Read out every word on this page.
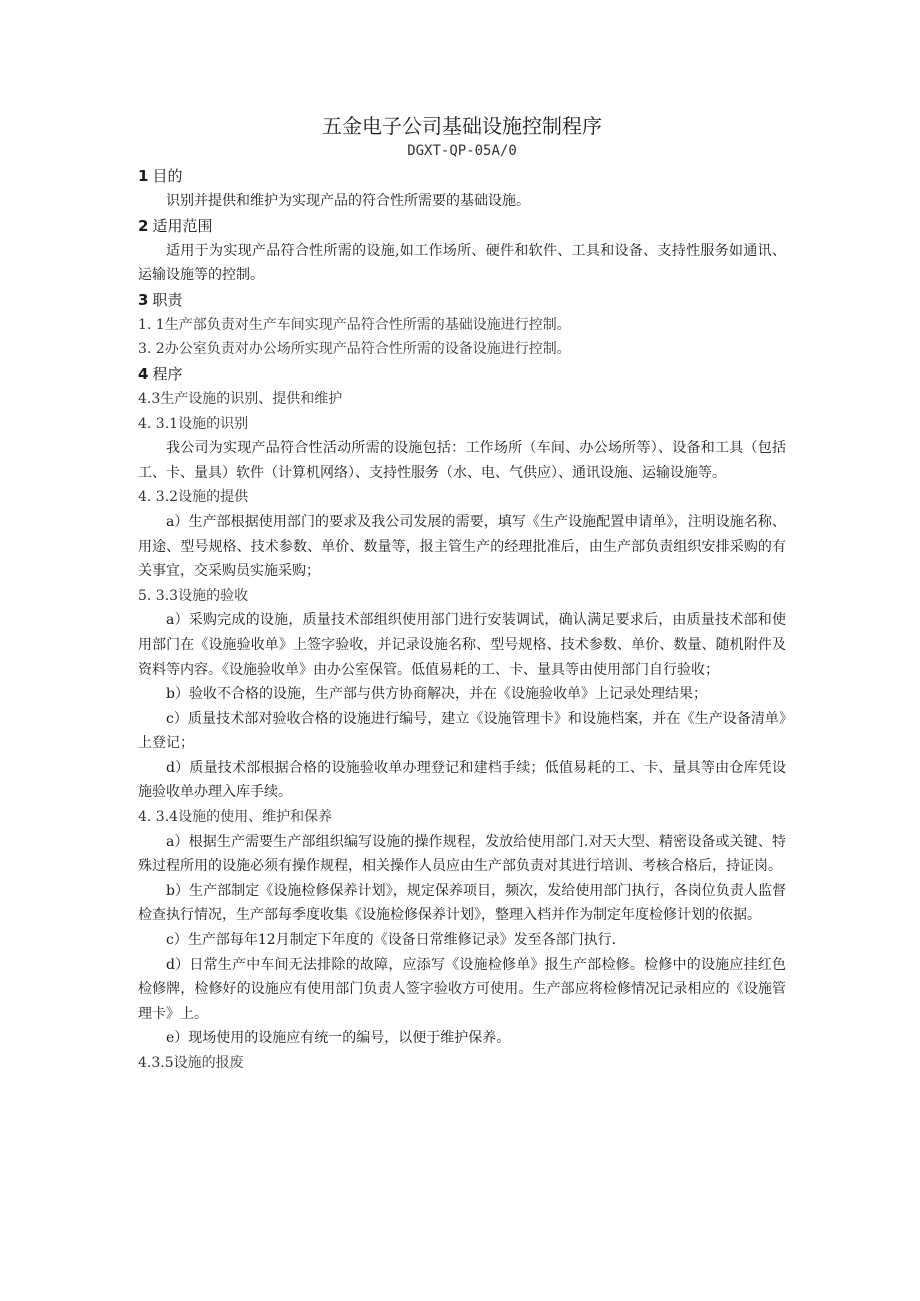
五金电子公司基础设施控制程序

DGXT-QP-05A/0

1 目的

识别并提供和维护为实现产品的符合性所需要的基础设施。

2 适用范围

适用于为实现产品符合性所需的设施,如工作场所、硬件和软件、工具和设备、支持性服务如通讯、运输设施等的控制。

3 职责

1. 1生产部负责对生产车间实现产品符合性所需的基础设施进行控制。

3. 2办公室负责对办公场所实现产品符合性所需的设备设施进行控制。

4 程序

4.3生产设施的识别、提供和维护

4. 3.1设施的识别

我公司为实现产品符合性活动所需的设施包括：工作场所（车间、办公场所等）、设备和工具（包括工、卡、量具）软件（计算机网络）、支持性服务（水、电、气供应）、通讯设施、运输设施等。

4. 3.2设施的提供

a）生产部根据使用部门的要求及我公司发展的需要，填写《生产设施配置申请单》，注明设施名称、用途、型号规格、技术参数、单价、数量等，报主管生产的经理批准后，由生产部负责组织安排采购的有关事宜，交采购员实施采购；

5. 3.3设施的验收

a）采购完成的设施，质量技术部组织使用部门进行安装调试，确认满足要求后，由质量技术部和使用部门在《设施验收单》上签字验收，并记录设施名称、型号规格、技术参数、单价、数量、随机附件及资料等内容。《设施验收单》由办公室保管。低值易耗的工、卡、量具等由使用部门自行验收；

b）验收不合格的设施，生产部与供方协商解决，并在《设施验收单》上记录处理结果；

c）质量技术部对验收合格的设施进行编号，建立《设施管理卡》和设施档案，并在《生产设备清单》上登记；

d）质量技术部根据合格的设施验收单办理登记和建档手续；低值易耗的工、卡、量具等由仓库凭设施验收单办理入库手续。

4. 3.4设施的使用、维护和保养

a）根据生产需要生产部组织编写设施的操作规程，发放给使用部门.对天大型、精密设备或关键、特殊过程所用的设施必须有操作规程，相关操作人员应由生产部负责对其进行培训、考核合格后，持证岗。

b）生产部制定《设施检修保养计划》，规定保养项目，频次，发给使用部门执行，各岗位负责人监督检查执行情况，生产部每季度收集《设施检修保养计划》，整理入档并作为制定年度检修计划的依据。

c）生产部每年12月制定下年度的《设备日常维修记录》发至各部门执行.

d）日常生产中车间无法排除的故障，应添写《设施检修单》报生产部检修。检修中的设施应挂红色检修牌，检修好的设施应有使用部门负责人签字验收方可使用。生产部应将检修情况记录相应的《设施管理卡》上。

e）现场使用的设施应有统一的编号，以便于维护保养。

4.3.5设施的报废
